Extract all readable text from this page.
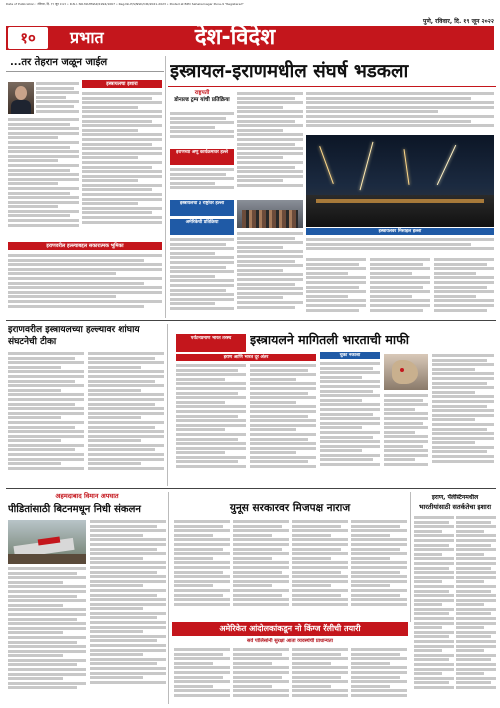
Date of Publication : रविवार, दि. १९ जून २०२२ • R.N.I. NO.MAHMAR/1994/1067 • Reg.No.P/S/NSD/CIR/2021-2023 • Posted at BPO Sahakarnagar Pune-9 "Registered"
पुणे, रविवार, दि. १९ जून २०२२
१०	प्रभात	देश-विदेश
...तर तेहरान जळून जाईल
इस्त्रायलचा इशारा
इराणवरील हल्ल्याबद्दल सकारात्मक भूमिका
इस्त्रायल-इराणमधील संघर्ष भडकला
राष्ट्रपती
डोनाल्ड ट्रम्प यांची प्रतिक्रिया
इराणच्या अणु कार्यक्रमावर हल्ले
इस्त्रायलचा ३ राष्ट्रांवर हल्ला
अमेरिकेची प्रतिक्रिया
इस्त्रायलवर मिसाइल हल्ला
इराणवरील इस्त्रायलच्या हल्ल्यावर शांघाय संघटनेची टीका	पर्यटनप्रमाण भारत तरस्थ	इस्त्रायलने मागितली भारताची माफी
इराण आणि भारत दूर अंतर	चुका नकाशा
अहमदाबाद विमान अपघात
पीडितांसाठी बिटनमधून निधी संकलन	युनूस सरकारवर मिजपक्ष नाराज
इराण, पॅलेस्टिनमधील
भारतीयांसाठी सतर्कतेचा इशारा
अमेरिकेत आंदोलकांकडून नो किंग्ज रॅलीची तयारी
सर्व पोलिसांनी सुरक्षा आता व्यवस्थेची प्राधान्यता
